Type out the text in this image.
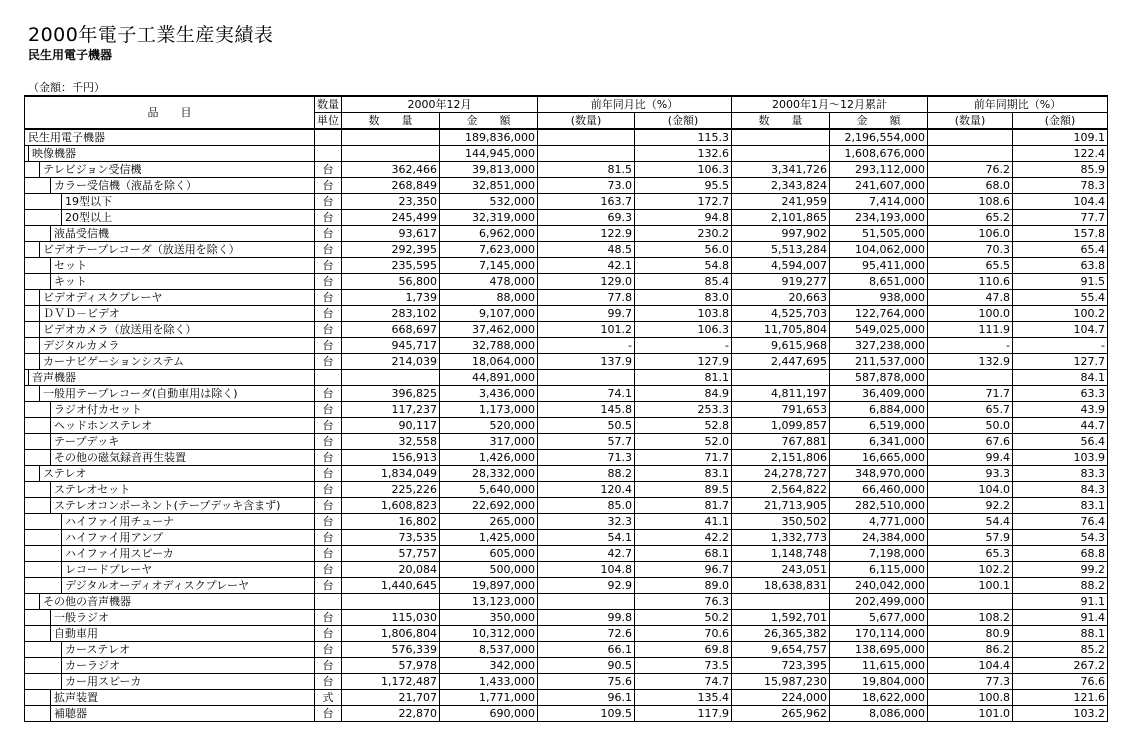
2000年電子工業生産実績表
民生用電子機器
（金額：千円）
品　　目	数量	2000年12月		前年同月比（%）		2000年1月～12月累計		前年同期比（%）	
	単位	数　　量	金　　額	(数量)	(金額)	数　　量	金　　額	(数量)	(金額)

民生用電子機器			189,836,000		115.3		2,196,554,000		109.1

映像機器			144,945,000		132.6		1,608,676,000		122.4

テレビジョン受信機	台	362,466	39,813,000	81.5	106.3	3,341,726	293,112,000	76.2	85.9

カラー受信機（液晶を除く）	台	268,849	32,851,000	73.0	95.5	2,343,824	241,607,000	68.0	78.3

19型以下	台	23,350	532,000	163.7	172.7	241,959	7,414,000	108.6	104.4

20型以上	台	245,499	32,319,000	69.3	94.8	2,101,865	234,193,000	65.2	77.7

液晶受信機	台	93,617	6,962,000	122.9	230.2	997,902	51,505,000	106.0	157.8

ビデオテープレコーダ（放送用を除く）	台	292,395	7,623,000	48.5	56.0	5,513,284	104,062,000	70.3	65.4

セット	台	235,595	7,145,000	42.1	54.8	4,594,007	95,411,000	65.5	63.8

キット	台	56,800	478,000	129.0	85.4	919,277	8,651,000	110.6	91.5

ビデオディスクプレーヤ	台	1,739	88,000	77.8	83.0	20,663	938,000	47.8	55.4

ＤＶＤ－ビデオ	台	283,102	9,107,000	99.7	103.8	4,525,703	122,764,000	100.0	100.2

ビデオカメラ（放送用を除く）	台	668,697	37,462,000	101.2	106.3	11,705,804	549,025,000	111.9	104.7

デジタルカメラ	台	945,717	32,788,000	-	-	9,615,968	327,238,000	-	-

カーナビゲーションシステム	台	214,039	18,064,000	137.9	127.9	2,447,695	211,537,000	132.9	127.7

音声機器			44,891,000		81.1		587,878,000		84.1

一般用テープレコーダ(自動車用は除く)	台	396,825	3,436,000	74.1	84.9	4,811,197	36,409,000	71.7	63.3

ラジオ付カセット	台	117,237	1,173,000	145.8	253.3	791,653	6,884,000	65.7	43.9

ヘッドホンステレオ	台	90,117	520,000	50.5	52.8	1,099,857	6,519,000	50.0	44.7

テープデッキ	台	32,558	317,000	57.7	52.0	767,881	6,341,000	67.6	56.4

その他の磁気録音再生装置	台	156,913	1,426,000	71.3	71.7	2,151,806	16,665,000	99.4	103.9

ステレオ	台	1,834,049	28,332,000	88.2	83.1	24,278,727	348,970,000	93.3	83.3

ステレオセット	台	225,226	5,640,000	120.4	89.5	2,564,822	66,460,000	104.0	84.3

ステレオコンポーネント(テープデッキ含まず)	台	1,608,823	22,692,000	85.0	81.7	21,713,905	282,510,000	92.2	83.1

ハイファイ用チューナ	台	16,802	265,000	32.3	41.1	350,502	4,771,000	54.4	76.4

ハイファイ用アンプ	台	73,535	1,425,000	54.1	42.2	1,332,773	24,384,000	57.9	54.3

ハイファイ用スピーカ	台	57,757	605,000	42.7	68.1	1,148,748	7,198,000	65.3	68.8

レコードプレーヤ	台	20,084	500,000	104.8	96.7	243,051	6,115,000	102.2	99.2

デジタルオーディオディスクプレーヤ	台	1,440,645	19,897,000	92.9	89.0	18,638,831	240,042,000	100.1	88.2

その他の音声機器			13,123,000		76.3		202,499,000		91.1

一般ラジオ	台	115,030	350,000	99.8	50.2	1,592,701	5,677,000	108.2	91.4

自動車用	台	1,806,804	10,312,000	72.6	70.6	26,365,382	170,114,000	80.9	88.1

カーステレオ	台	576,339	8,537,000	66.1	69.8	9,654,757	138,695,000	86.2	85.2

カーラジオ	台	57,978	342,000	90.5	73.5	723,395	11,615,000	104.4	267.2

カー用スピーカ	台	1,172,487	1,433,000	75.6	74.7	15,987,230	19,804,000	77.3	76.6

拡声装置	式	21,707	1,771,000	96.1	135.4	224,000	18,622,000	100.8	121.6

補聴器	台	22,870	690,000	109.5	117.9	265,962	8,086,000	101.0	103.2
